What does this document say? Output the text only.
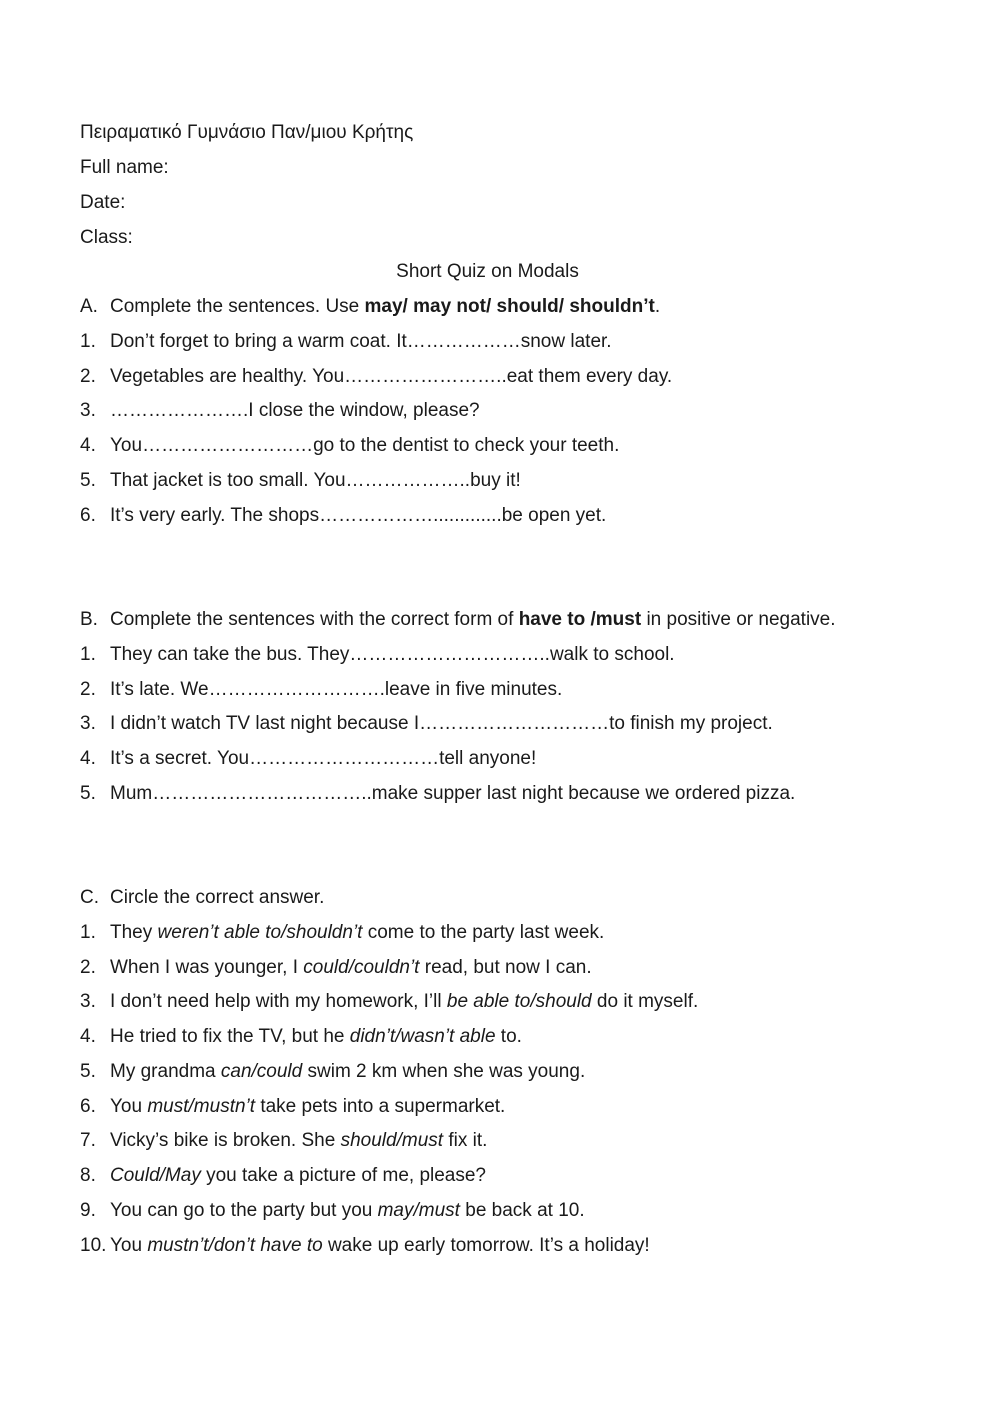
Πειραματικό Γυμνάσιο Παν/μιου Κρήτης
Full name:
Date:
Class:
Short Quiz on Modals
A. Complete the sentences. Use may/ may not/ should/ shouldn’t.
1. Don’t forget to bring a warm coat. It………………snow later.
2. Vegetables are healthy. You……………………..eat them every day.
3. ………………….I close the window, please?
4. You………………………go to the dentist to check your teeth.
5. That jacket is too small. You………………..buy it!
6. It’s very early. The shops……………….............be open yet.
B. Complete the sentences with the correct form of have to /must in positive or negative.
1. They can take the bus. They…………………………..walk to school.
2. It’s late. We……………………….leave in five minutes.
3. I didn’t watch TV last night because I…………………………to finish my project.
4. It’s a secret. You…………………………tell anyone!
5. Mum……………………………..make supper last night because we ordered pizza.
C. Circle the correct answer.
1. They weren’t able to/shouldn’t come to the party last week.
2. When I was younger, I could/couldn’t read, but now I can.
3. I don’t need help with my homework, I’ll be able to/should do it myself.
4. He tried to fix the TV, but he didn’t/wasn’t able to.
5. My grandma can/could swim 2 km when she was young.
6. You must/mustn’t take pets into a supermarket.
7. Vicky’s bike is broken. She should/must fix it.
8. Could/May you take a picture of me, please?
9. You can go to the party but you may/must be back at 10.
10. You mustn’t/don’t have to wake up early tomorrow. It’s a holiday!
